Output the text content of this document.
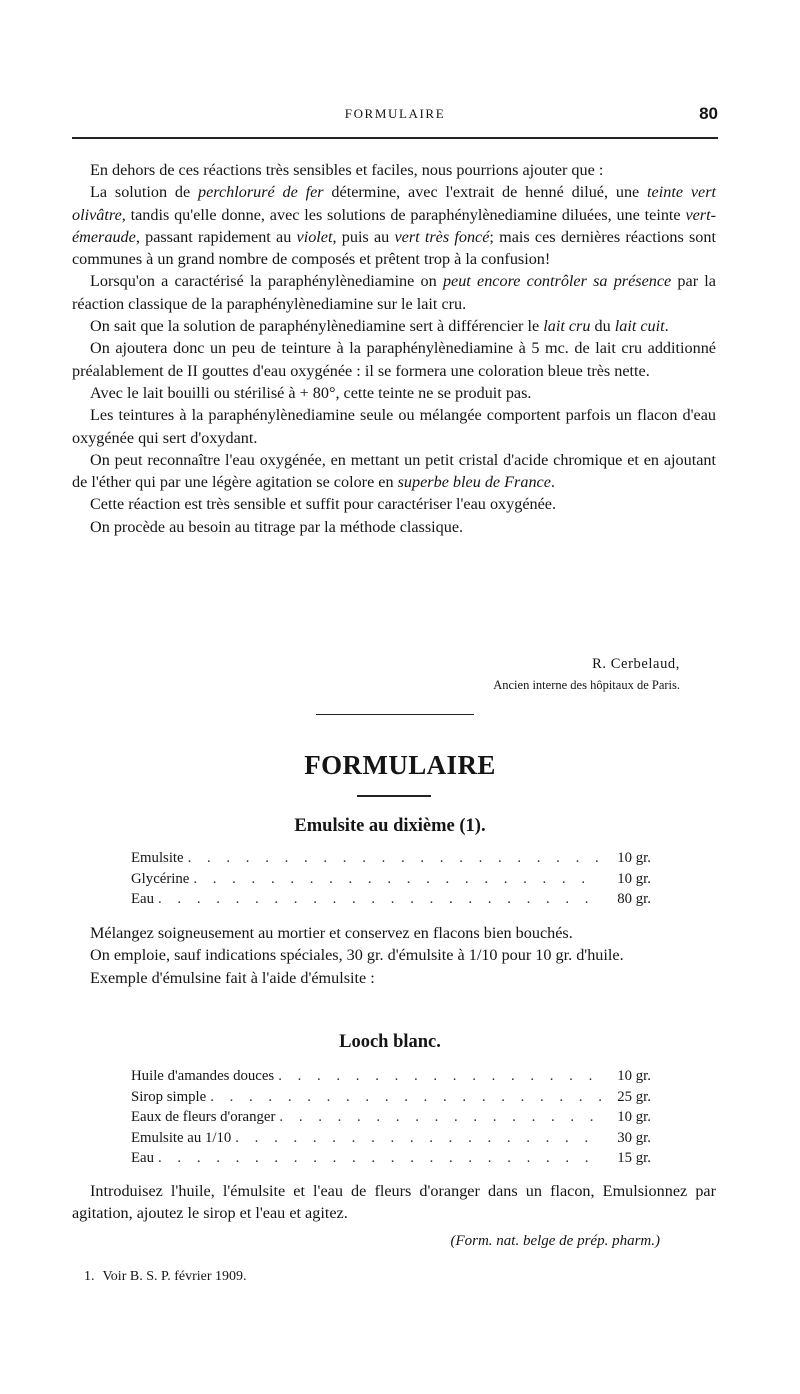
FORMULAIRE	80

En dehors de ces réactions très sensibles et faciles, nous pourrions ajouter que :

La solution de perchloruré de fer détermine, avec l'extrait de henné dilué, une teinte vert olivâtre, tandis qu'elle donne, avec les solutions de paraphénylènediamine diluées, une teinte vert-émeraude, passant rapidement au violet, puis au vert très foncé; mais ces dernières réactions sont communes à un grand nombre de composés et prêtent trop à la confusion!

Lorsqu'on a caractérisé la paraphénylènediamine on peut encore contrôler sa présence par la réaction classique de la paraphénylènediamine sur le lait cru.

On sait que la solution de paraphénylènediamine sert à différencier le lait cru du lait cuit.

On ajoutera donc un peu de teinture à la paraphénylènediamine à 5 mc. de lait cru additionné préalablement de II gouttes d'eau oxygénée : il se formera une coloration bleue très nette.

Avec le lait bouilli ou stérilisé à + 80°, cette teinte ne se produit pas.

Les teintures à la paraphénylènediamine seule ou mélangée comportent parfois un flacon d'eau oxygénée qui sert d'oxydant.

On peut reconnaître l'eau oxygénée, en mettant un petit cristal d'acide chromique et en ajoutant de l'éther qui par une légère agitation se colore en superbe bleu de France.

Cette réaction est très sensible et suffit pour caractériser l'eau oxygénée.

On procède au besoin au titrage par la méthode classique.

R. Cerbelaud,
Ancien interne des hôpitaux de Paris.
FORMULAIRE
Emulsite au dixième (1).
Emulsite . . .	10 gr.
Glycérine . . .	10 gr.
Eau . . .	80 gr.

Mélangez soigneusement au mortier et conservez en flacons bien bouchés.

On emploie, sauf indications spéciales, 30 gr. d'émulsite à 1/10 pour 10 gr. d'huile.

Exemple d'émulsine fait à l'aide d'émulsite :

Looch blanc.
Huile d'amandes douces . . .	10 gr.
Sirop simple . . .	25 gr.
Eaux de fleurs d'oranger . . .	10 gr.
Emulsite au 1/10 . . .	30 gr.
Eau . . .	15 gr.

Introduisez l'huile, l'émulsite et l'eau de fleurs d'oranger dans un flacon, Emulsionnez par agitation, ajoutez le sirop et l'eau et agitez.

(Form. nat. belge de prép. pharm.)
1. Voir B. S. P. février 1909.
